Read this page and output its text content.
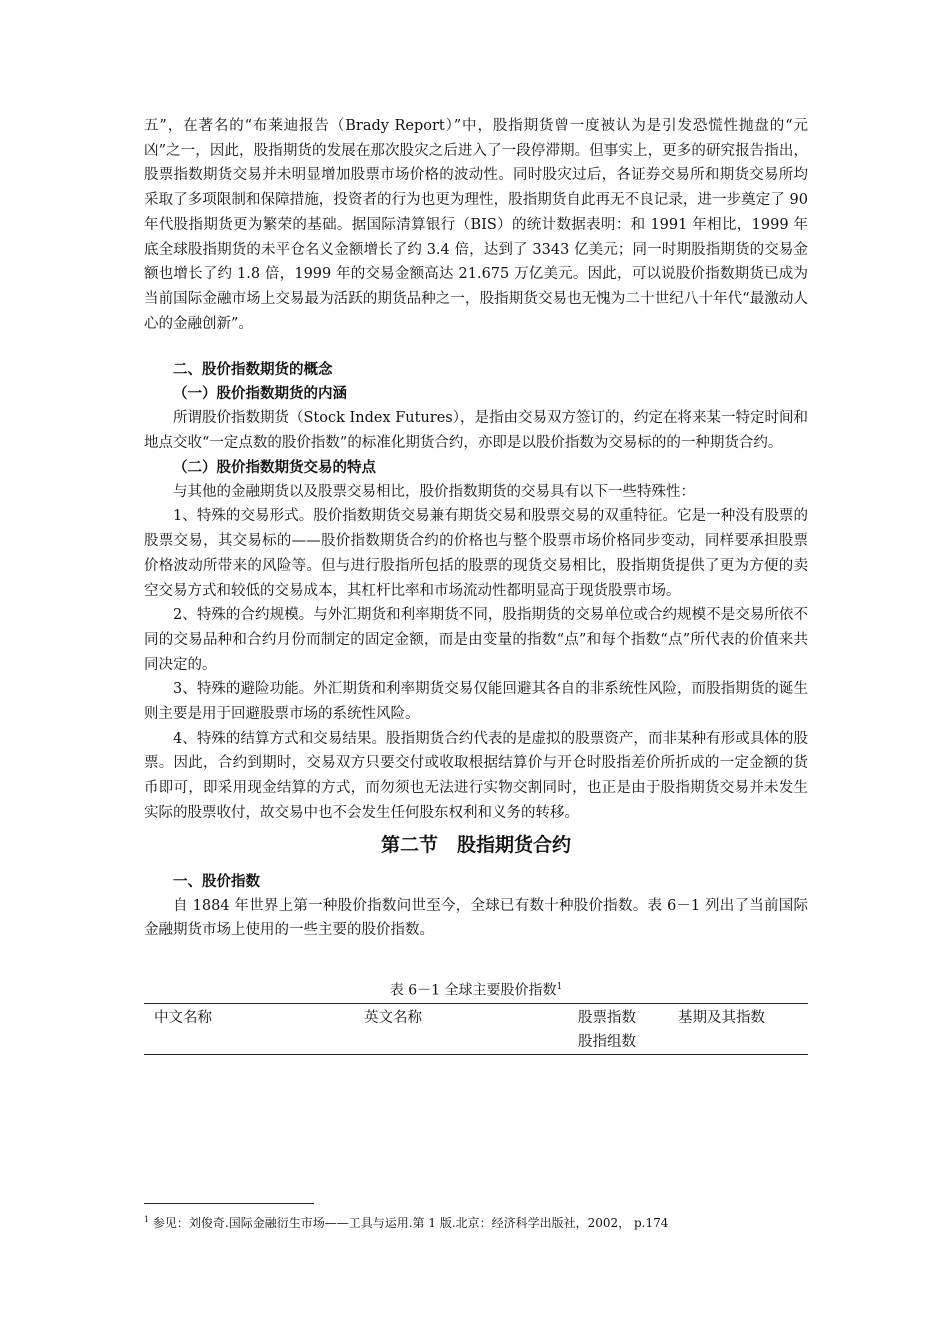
五”，在著名的“布莱迪报告（Brady Report）”中，股指期货曾一度被认为是引发恐慌性抛盘的“元凶”之一，因此，股指期货的发展在那次股灾之后进入了一段停滞期。但事实上，更多的研究报告指出，股票指数期货交易并未明显增加股票市场价格的波动性。同时股灾过后，各证券交易所和期货交易所均采取了多项限制和保障措施，投资者的行为也更为理性，股指期货自此再无不良记录，进一步奠定了 90 年代股指期货更为繁荣的基础。据国际清算银行（BIS）的统计数据表明：和 1991 年相比，1999 年底全球股指期货的未平仓名义金额增长了约 3.4 倍，达到了 3343 亿美元；同一时期股指期货的交易金额也增长了约 1.8 倍，1999 年的交易金额高达 21.675 万亿美元。因此，可以说股价指数期货已成为当前国际金融市场上交易最为活跃的期货品种之一，股指期货交易也无愧为二十世纪八十年代“最激动人心的金融创新”。

二、股价指数期货的概念
（一）股价指数期货的内涵

所谓股价指数期货（Stock Index Futures），是指由交易双方签订的，约定在将来某一特定时间和地点交收“一定点数的股价指数”的标准化期货合约，亦即是以股价指数为交易标的的一种期货合约。

（二）股价指数期货交易的特点

与其他的金融期货以及股票交易相比，股价指数期货的交易具有以下一些特殊性：

1、特殊的交易形式。股价指数期货交易兼有期货交易和股票交易的双重特征。它是一种没有股票的股票交易，其交易标的——股价指数期货合约的价格也与整个股票市场价格同步变动，同样要承担股票价格波动所带来的风险等。但与进行股指所包括的股票的现货交易相比，股指期货提供了更为方便的卖空交易方式和较低的交易成本，其杠杆比率和市场流动性都明显高于现货股票市场。

2、特殊的合约规模。与外汇期货和利率期货不同，股指期货的交易单位或合约规模不是交易所依不同的交易品种和合约月份而制定的固定金额，而是由变量的指数“点”和每个指数“点”所代表的价值来共同决定的。

3、特殊的避险功能。外汇期货和利率期货交易仅能回避其各自的非系统性风险，而股指期货的诞生则主要是用于回避股票市场的系统性风险。

4、特殊的结算方式和交易结果。股指期货合约代表的是虚拟的股票资产，而非某种有形或具体的股票。因此，合约到期时，交易双方只要交付或收取根据结算价与开仓时股指差价所折成的一定金额的货币即可，即采用现金结算的方式，而勿须也无法进行实物交割同时，也正是由于股指期货交易并未发生实际的股票收付，故交易中也不会发生任何股东权利和义务的转移。

第二节　股指期货合约
一、股价指数

自 1884 年世界上第一种股价指数问世至今，全球已有数十种股价指数。表 6－1 列出了当前国际金融期货市场上使用的一些主要的股价指数。

表 6－1 全球主要股价指数$^1$
中文名称	英文名称	股票指数
股指组数
基期及其指数
$^1$ 参见：刘俊奇.国际金融衍生市场——工具与运用.第 1 版.北京：经济科学出版社，2002， p.174
